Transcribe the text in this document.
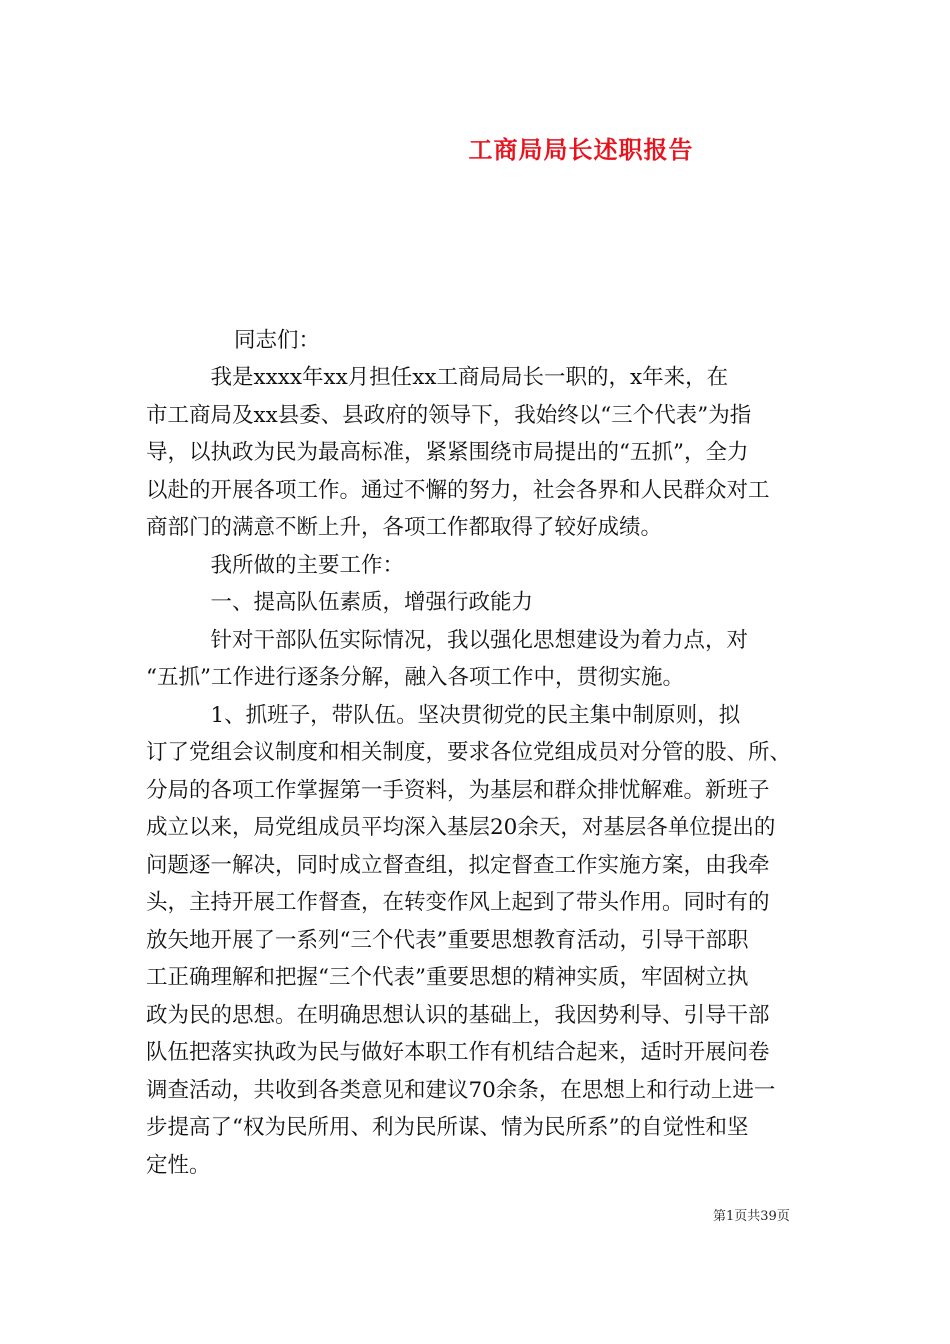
工商局局长述职报告
同志们：
　　　我是xxxx年xx月担任xx工商局局长一职的，x年来，在
市工商局及xx县委、县政府的领导下，我始终以“三个代表”为指
导，以执政为民为最高标准，紧紧围绕市局提出的“五抓”，全力
以赴的开展各项工作。通过不懈的努力，社会各界和人民群众对工
商部门的满意不断上升，各项工作都取得了较好成绩。
　　　我所做的主要工作：
　　　一、提高队伍素质，增强行政能力
　　　针对干部队伍实际情况，我以强化思想建设为着力点，对
“五抓”工作进行逐条分解，融入各项工作中，贯彻实施。
　　　1、抓班子，带队伍。坚决贯彻党的民主集中制原则，拟
订了党组会议制度和相关制度，要求各位党组成员对分管的股、所、
分局的各项工作掌握第一手资料，为基层和群众排忧解难。新班子
成立以来，局党组成员平均深入基层20余天，对基层各单位提出的
问题逐一解决，同时成立督查组，拟定督查工作实施方案，由我牵
头，主持开展工作督查，在转变作风上起到了带头作用。同时有的
放矢地开展了一系列“三个代表”重要思想教育活动，引导干部职
工正确理解和把握“三个代表”重要思想的精神实质，牢固树立执
政为民的思想。在明确思想认识的基础上，我因势利导、引导干部
队伍把落实执政为民与做好本职工作有机结合起来，适时开展问卷
调查活动，共收到各类意见和建议70余条，在思想上和行动上进一
步提高了“权为民所用、利为民所谋、情为民所系”的自觉性和坚
定性。
第1页共39页
